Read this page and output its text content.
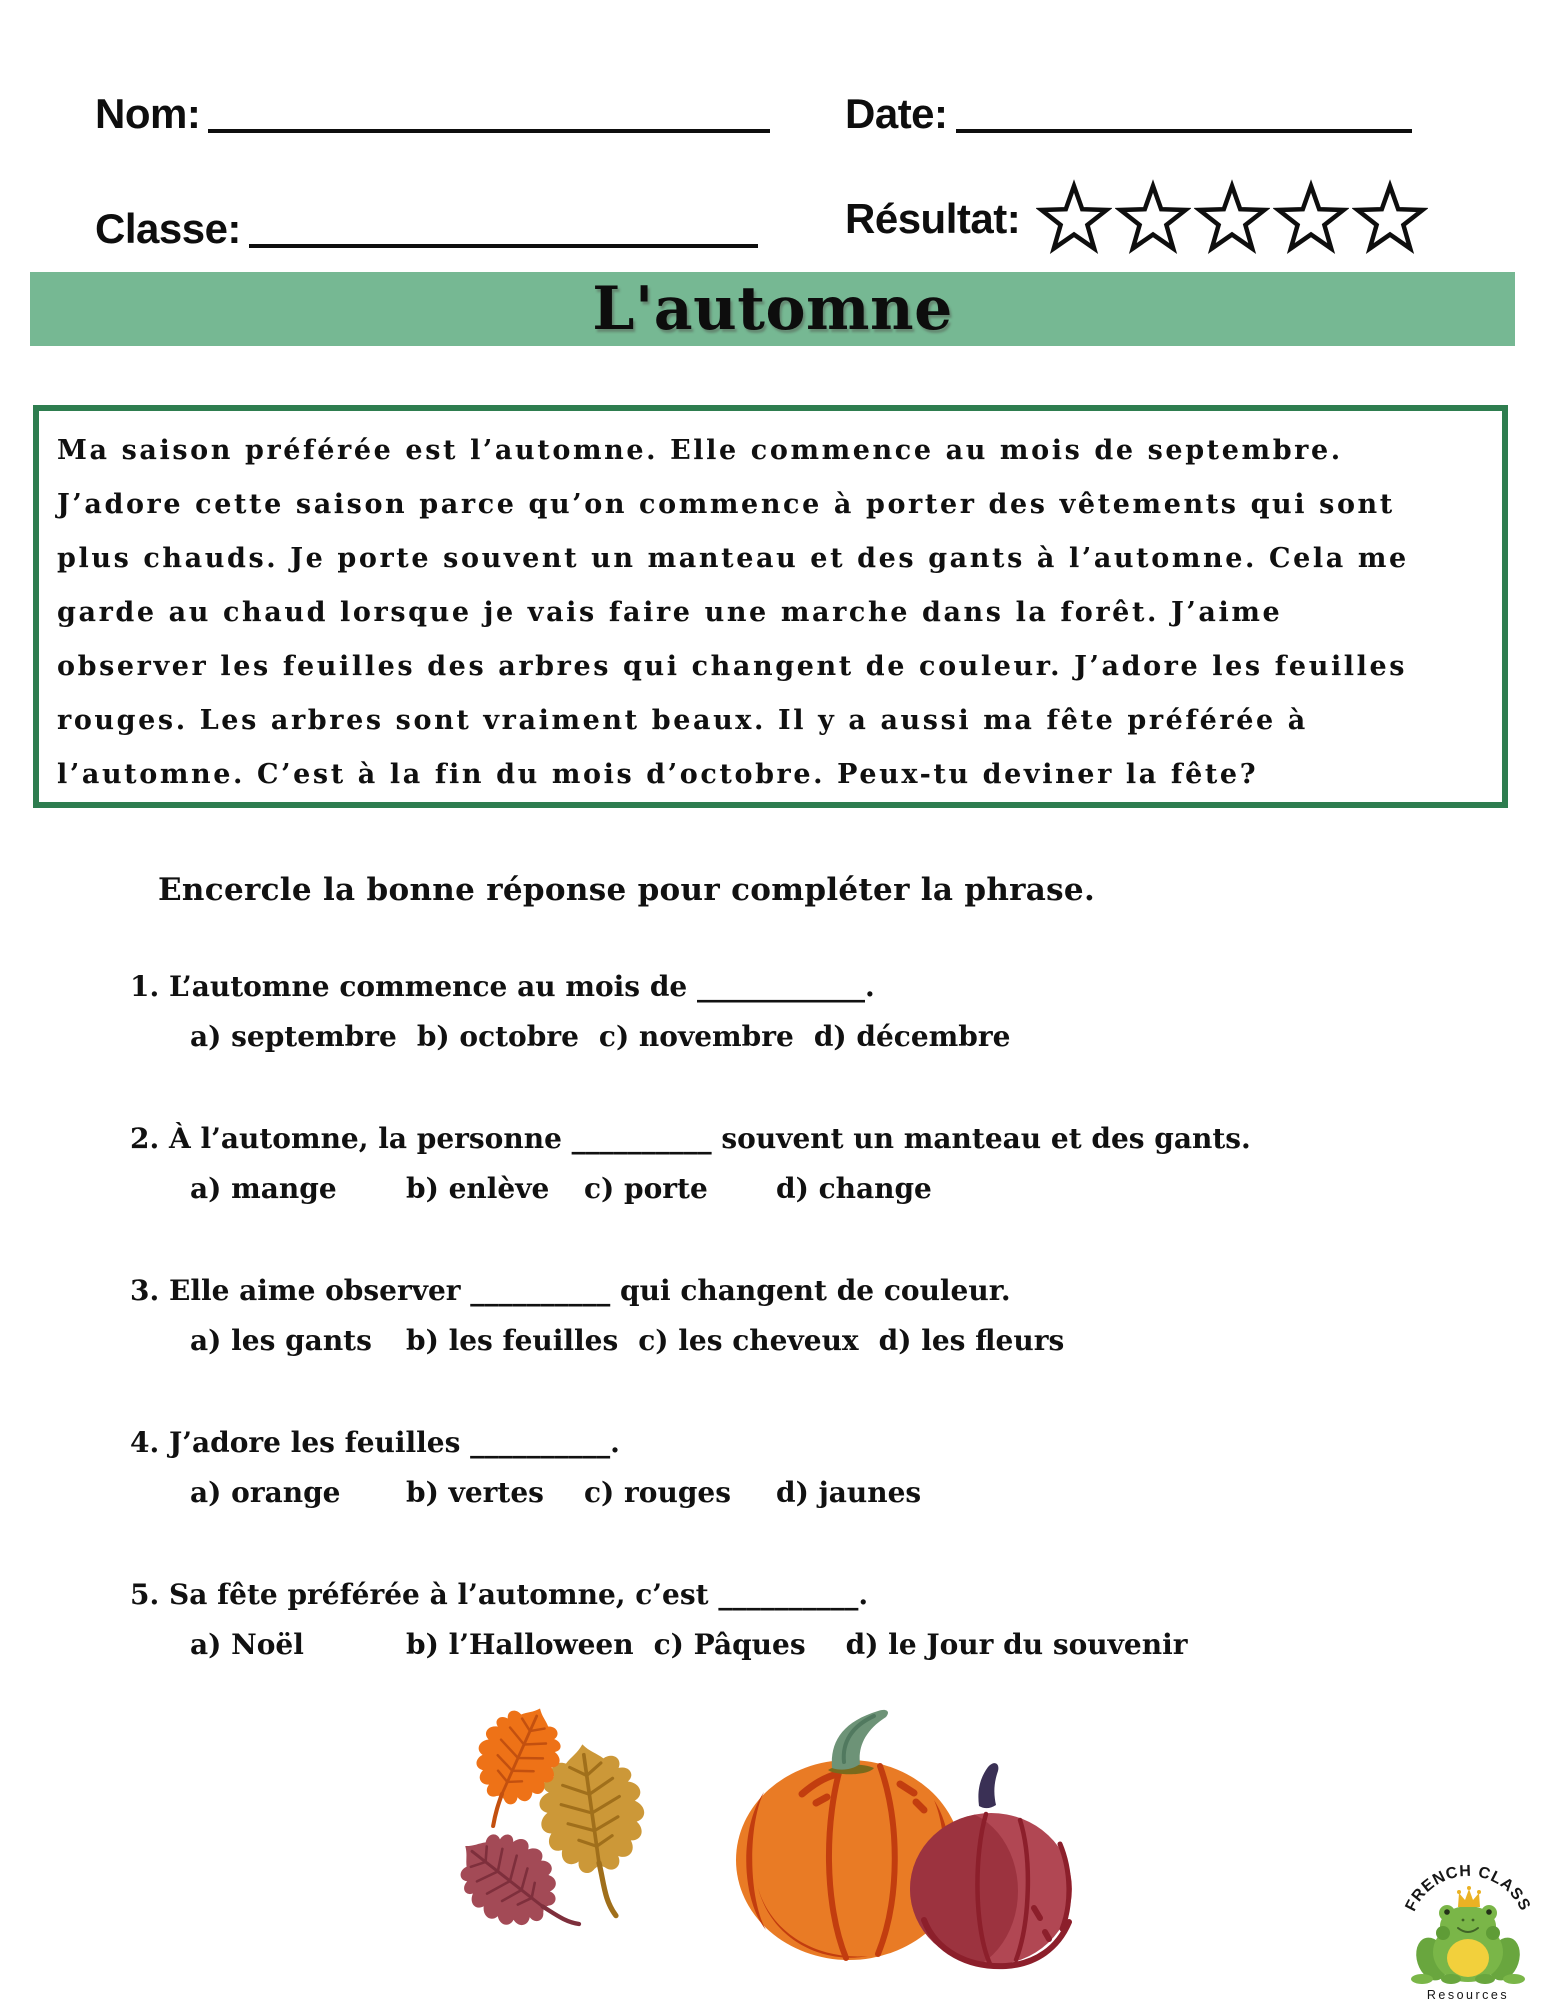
Nom:	Date:
Classe:	Résultat:
L'automne
Ma saison préférée est l’automne. Elle commence au mois de septembre.
J’adore cette saison parce qu’on commence à porter des vêtements qui sont
plus chauds. Je porte souvent un manteau et des gants à l’automne. Cela me
garde au chaud lorsque je vais faire une marche dans la forêt. J’aime
observer les feuilles des arbres qui changent de couleur. J’adore les feuilles
rouges. Les arbres sont vraiment beaux. Il y a aussi ma fête préférée à
l’automne. C’est à la fin du mois d’octobre. Peux-tu deviner la fête?
Encercle la bonne réponse pour compléter la phrase.
1. L’automne commence au mois de ____________.
a) septembre b) octobre c) novembre d) décembre
2. À l’automne, la personne __________ souvent un manteau et des gants.
a) mange	b) enlève	c) porte	d) change
3. Elle aime observer __________ qui changent de couleur.
a) les gants	b) les feuilles c) les cheveux d) les fleurs
4. J’adore les feuilles __________.
a) orange	b) vertes	c) rouges	d) jaunes
5. Sa fête préférée à l’automne, c’est __________.
a) Noël	b) l’Halloween c) Pâques	d) le Jour du souvenir
FRENCH CLASS
Resources
